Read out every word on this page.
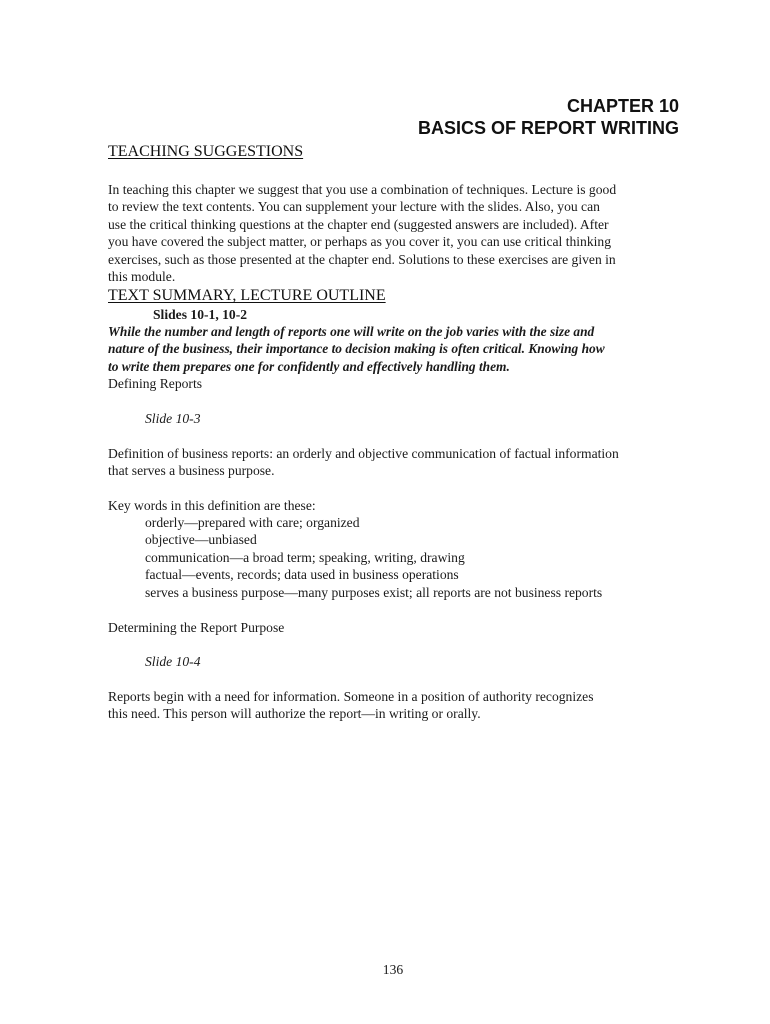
CHAPTER 10
BASICS OF REPORT WRITING
TEACHING SUGGESTIONS
In teaching this chapter we suggest that you use a combination of techniques. Lecture is good
to review the text contents. You can supplement your lecture with the slides. Also, you can
use the critical thinking questions at the chapter end (suggested answers are included). After
you have covered the subject matter, or perhaps as you cover it, you can use critical thinking
exercises, such as those presented at the chapter end. Solutions to these exercises are given in
this module.
TEXT SUMMARY, LECTURE OUTLINE
Slides 10-1, 10-2
While the number and length of reports one will write on the job varies with the size and
nature of the business, their importance to decision making is often critical. Knowing how
to write them prepares one for confidently and effectively handling them.
Defining Reports
Slide 10-3
Definition of business reports: an orderly and objective communication of factual information
that serves a business purpose.
Key words in this definition are these:
orderly—prepared with care; organized
objective—unbiased
communication—a broad term; speaking, writing, drawing
factual—events, records; data used in business operations
serves a business purpose—many purposes exist; all reports are not business reports
Determining the Report Purpose
Slide 10-4
Reports begin with a need for information. Someone in a position of authority recognizes
this need. This person will authorize the report—in writing or orally.
136
